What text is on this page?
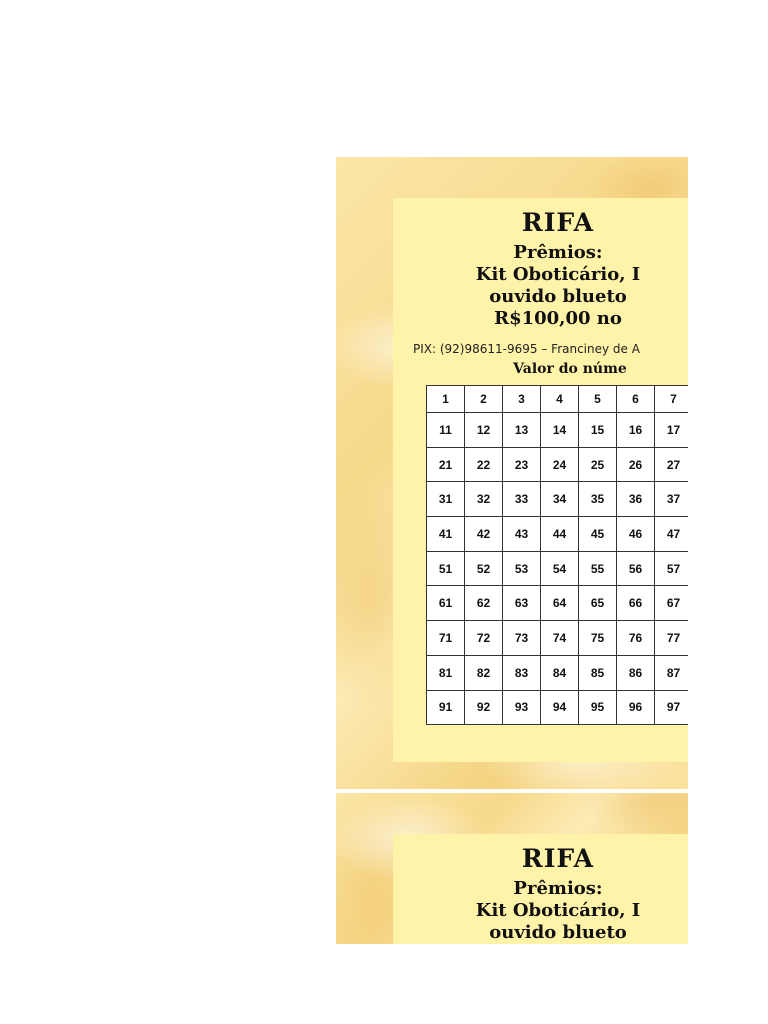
RIFA
Prêmios:
Kit Oboticário, I
ouvido blueto
R$100,00 no
PIX: (92)98611-9695 – Franciney de A
Valor do núme
1	2	3	4	5	6	7
11	12	13	14	15	16	17
21	22	23	24	25	26	27
31	32	33	34	35	36	37
41	42	43	44	45	46	47
51	52	53	54	55	56	57
61	62	63	64	65	66	67
71	72	73	74	75	76	77
81	82	83	84	85	86	87
91	92	93	94	95	96	97
RIFA
Prêmios:
Kit Oboticário, I
ouvido blueto
